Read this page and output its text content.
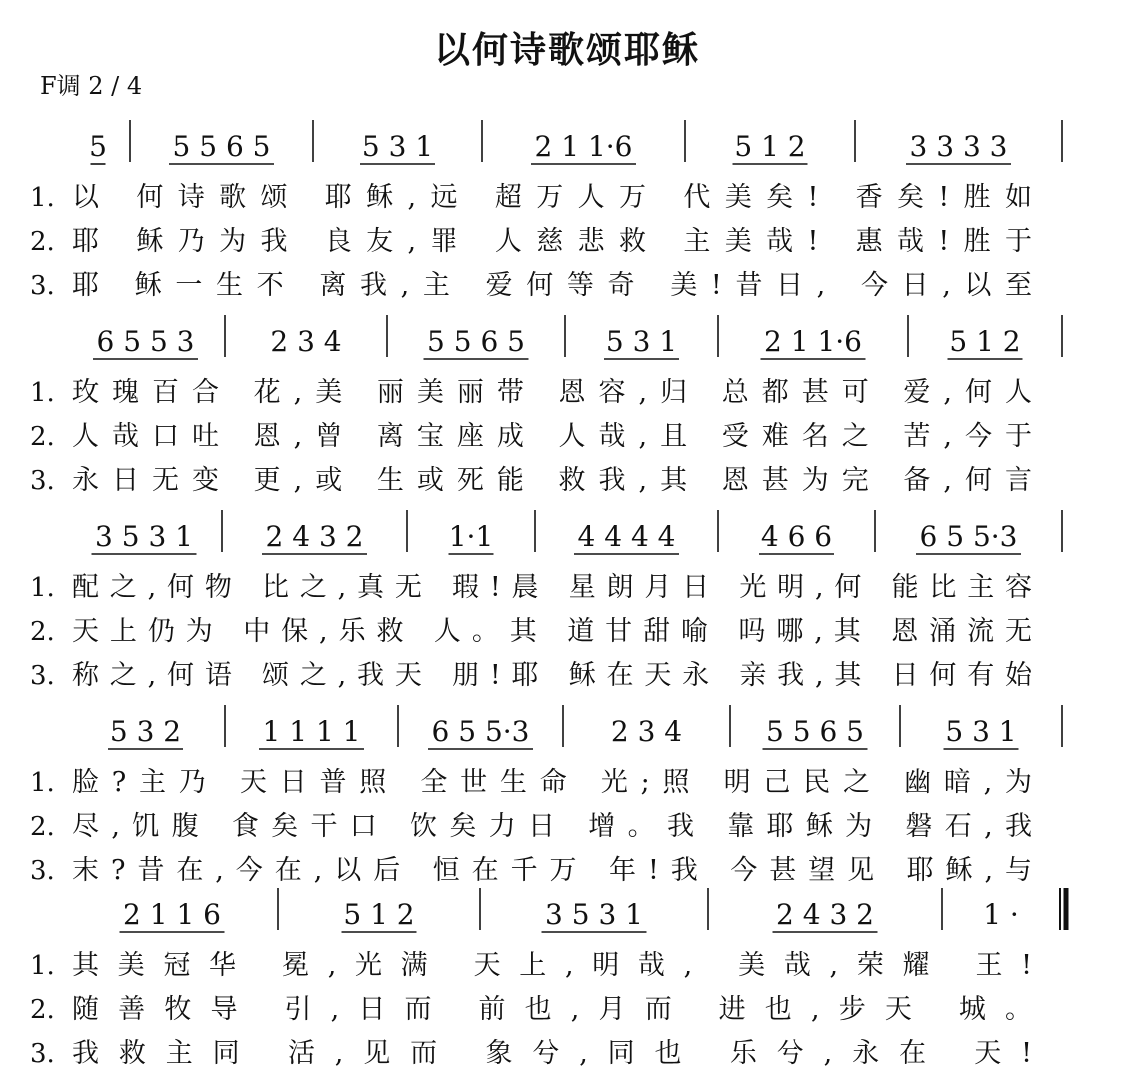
以何诗歌颂耶稣
F调 2 / 4
5 5 5 6 5	5 3 1	2 1 1·6	5 1 2	3 3 3 3
1. 以 何诗歌颂 耶稣,远 超万人万 代美矣! 香矣!胜如
2. 耶 稣乃为我 良友,罪 人慈悲救 主美哉! 惠哉!胜于
3. 耶 稣一生不 离我,主 爱何等奇 美!昔日, 今日,以至
6 5 5 3	2 3 4	5 5 6 5	5 3 1	2 1 1·6	5 1 2
1. 玫瑰百合 花,美 丽美丽带 恩容,归 总都甚可 爱,何人
2. 人哉口吐 恩,曾 离宝座成 人哉,且 受难名之 苦,今于
3. 永日无变 更,或 生或死能 救我,其 恩甚为完 备,何言
3 5 3 1	2 4 3 2	1·1	4 4 4 4	4 6 6	6 5 5·3
1. 配之,何物 比之,真无 瑕!晨 星朗月日 光明,何 能比主容
2. 天上仍为 中保,乐救 人。其 道甘甜喻 吗哪,其 恩涌流无
3. 称之,何语 颂之,我天 朋!耶 稣在天永 亲我,其 日何有始
5 3 2	1 1 1 1	6 5 5·3	2 3 4	5 5 6 5	5 3 1
1. 脸?主乃 天日普照 全世生命 光;照 明己民之 幽暗,为
2. 尽,饥腹 食矣干口 饮矣力日 增。我 靠耶稣为 磐石,我
3. 末?昔在,今在,以后 恒在千万 年!我 今甚望见 耶稣,与
2 1 1 6	5 1 2	3 5 3 1	2 4 3 2	1 ·
1. 其美冠华 冕,光满 天上,明哉, 美哉,荣耀 王!
2. 随善牧导 引,日而 前也,月而 进也,步天 城。
3. 我救主同 活,见而 象兮,同也 乐兮,永在 天!
